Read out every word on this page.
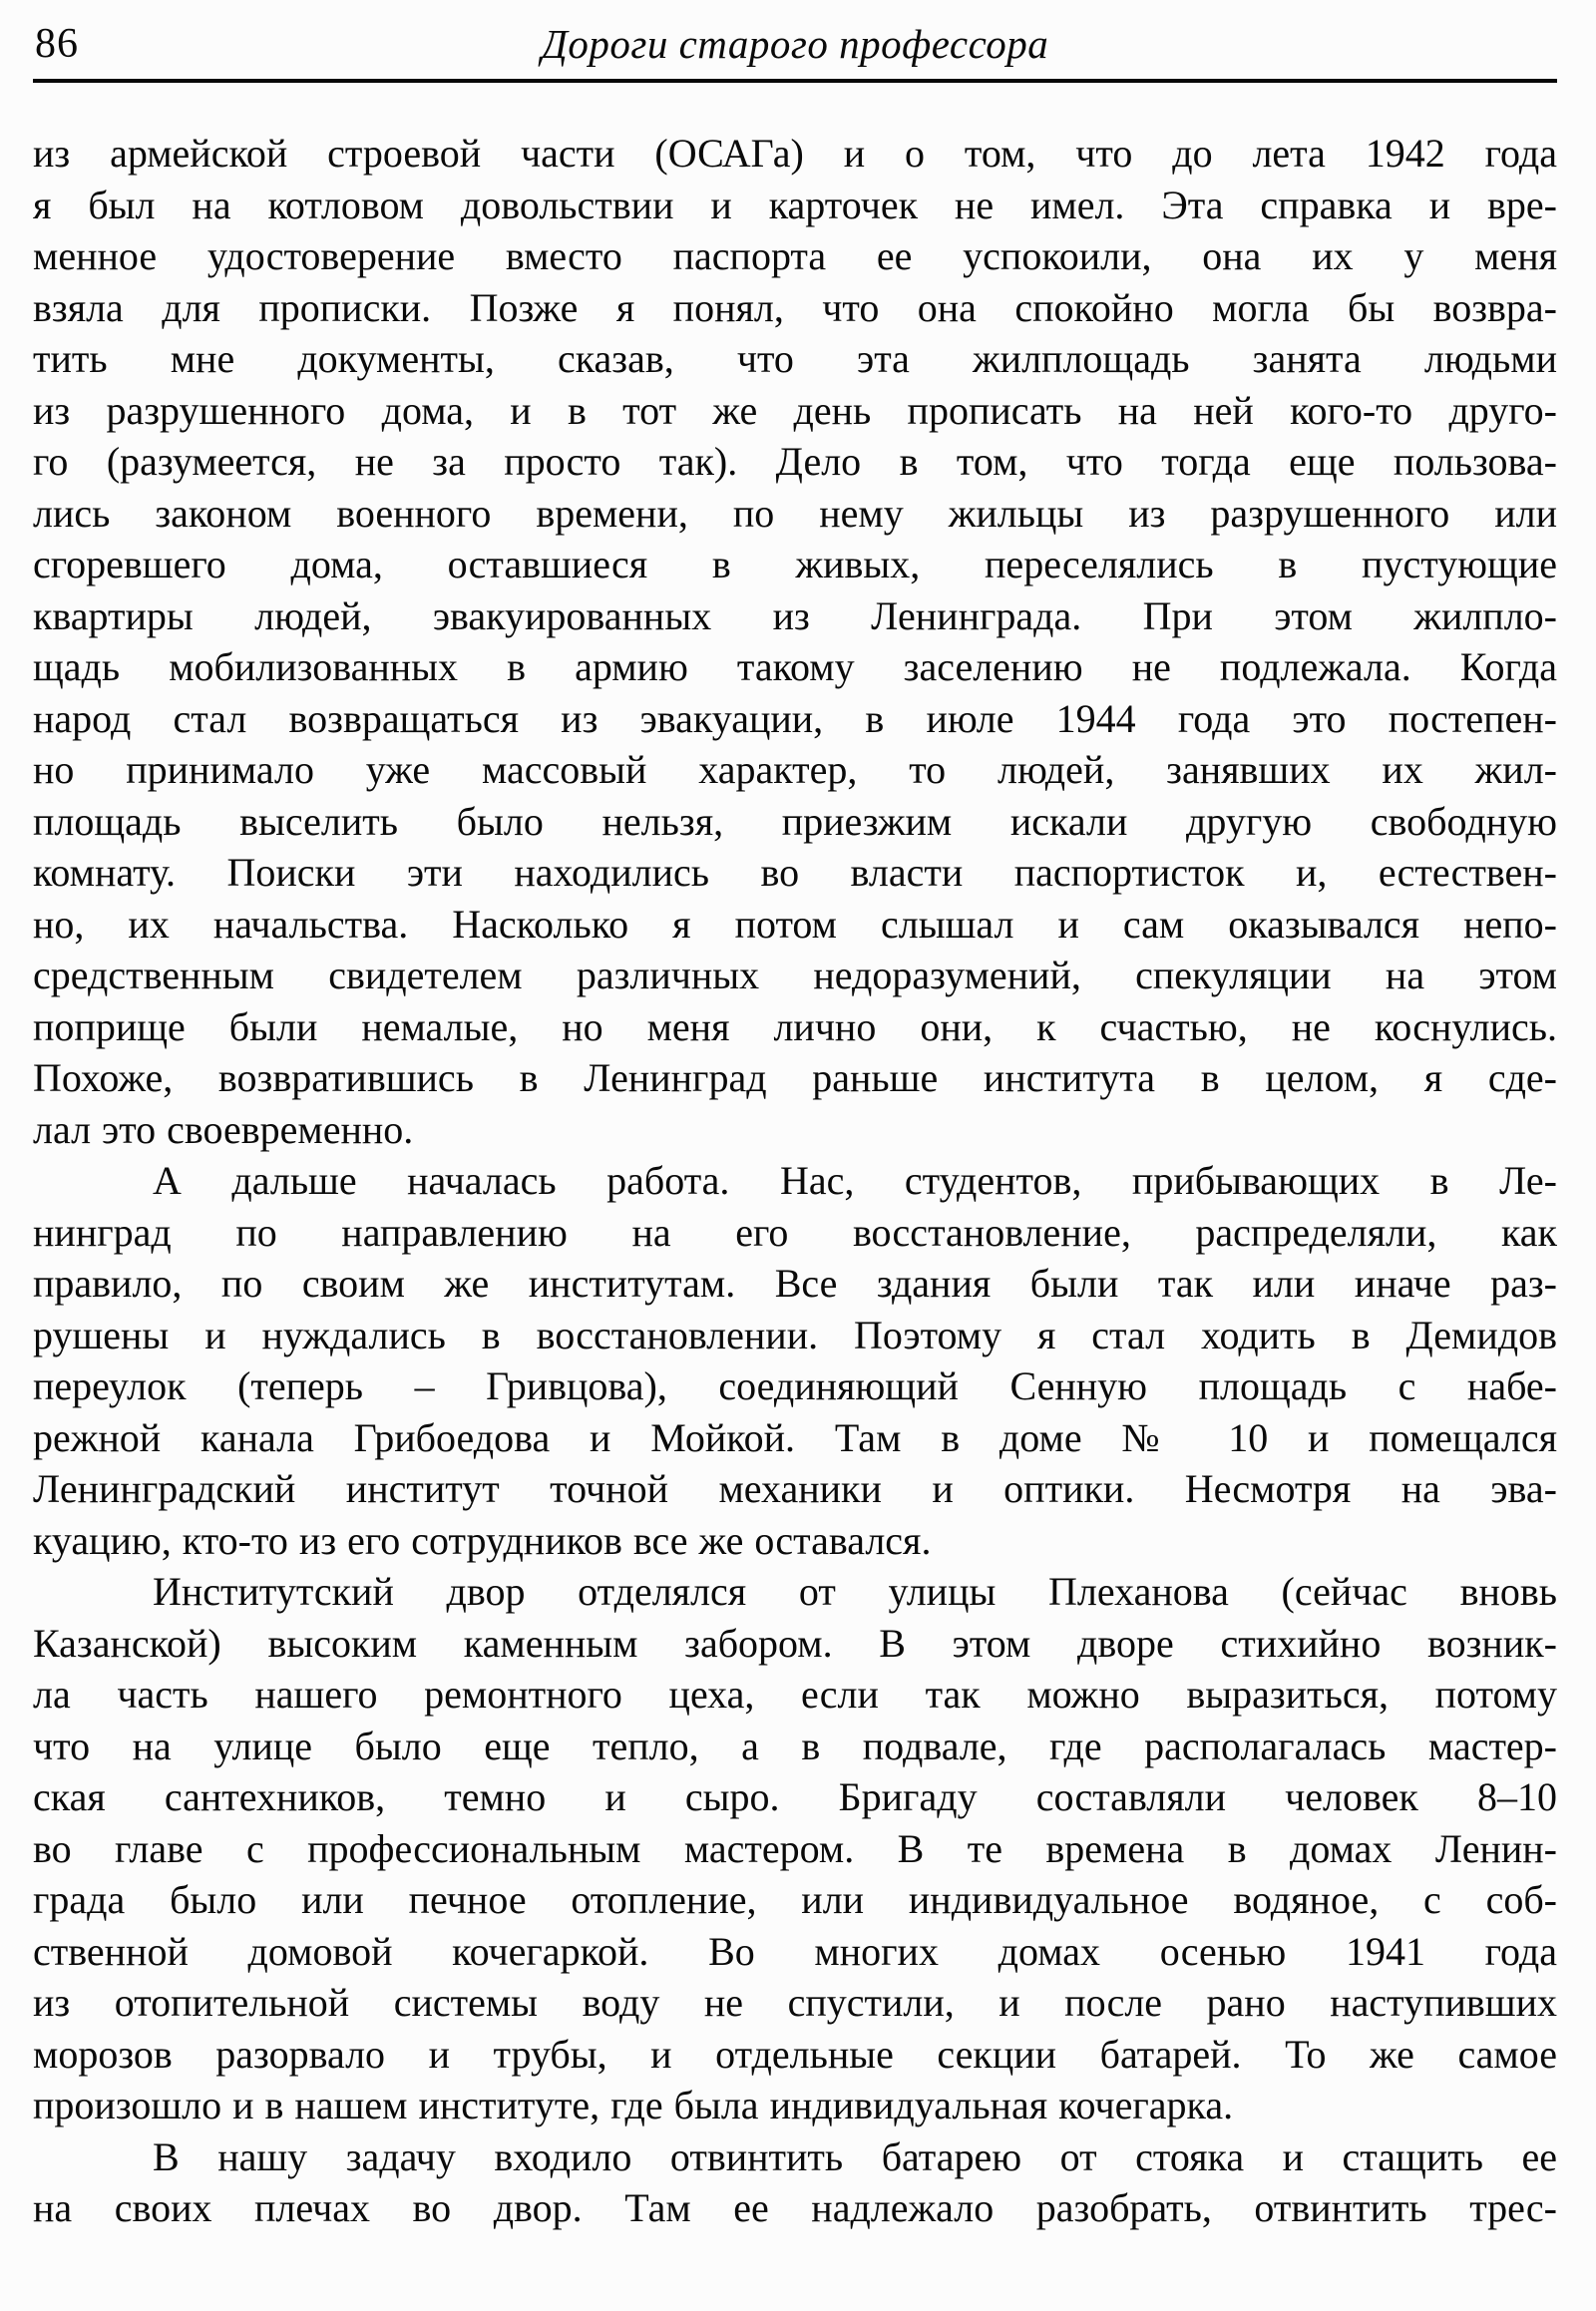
86	Дороги старого профессора
из армейской строевой части (ОСАГа) и о том, что до лета 1942 года
я был на котловом довольствии и карточек не имел. Эта справка и вре-
менное удостоверение вместо паспорта ее успокоили, она их у меня
взяла для прописки. Позже я понял, что она спокойно могла бы возвра-
тить мне документы, сказав, что эта жилплощадь занята людьми
из разрушенного дома, и в тот же день прописать на ней кого-то друго-
го (разумеется, не за просто так). Дело в том, что тогда еще пользова-
лись законом военного времени, по нему жильцы из разрушенного или
сгоревшего дома, оставшиеся в живых, переселялись в пустующие
квартиры людей, эвакуированных из Ленинграда. При этом жилпло-
щадь мобилизованных в армию такому заселению не подлежала. Когда
народ стал возвращаться из эвакуации, в июле 1944 года это постепен-
но принимало уже массовый характер, то людей, занявших их жил-
площадь выселить было нельзя, приезжим искали другую свободную
комнату. Поиски эти находились во власти паспортисток и, естествен-
но, их начальства. Насколько я потом слышал и сам оказывался непо-
средственным свидетелем различных недоразумений, спекуляции на этом
поприще были немалые, но меня лично они, к счастью, не коснулись.
Похоже, возвратившись в Ленинград раньше института в целом, я сде-
лал это своевременно.
А дальше началась работа. Нас, студентов, прибывающих в Ле-
нинград по направлению на его восстановление, распределяли, как
правило, по своим же институтам. Все здания были так или иначе раз-
рушены и нуждались в восстановлении. Поэтому я стал ходить в Демидов
переулок (теперь – Гривцова), соединяющий Сенную площадь с набе-
режной канала Грибоедова и Мойкой. Там в доме № 10 и помещался
Ленинградский институт точной механики и оптики. Несмотря на эва-
куацию, кто-то из его сотрудников все же оставался.
Институтский двор отделялся от улицы Плеханова (сейчас вновь
Казанской) высоким каменным забором. В этом дворе стихийно возник-
ла часть нашего ремонтного цеха, если так можно выразиться, потому
что на улице было еще тепло, а в подвале, где располагалась мастер-
ская сантехников, темно и сыро. Бригаду составляли человек 8–10
во главе с профессиональным мастером. В те времена в домах Ленин-
града было или печное отопление, или индивидуальное водяное, с соб-
ственной домовой кочегаркой. Во многих домах осенью 1941 года
из отопительной системы воду не спустили, и после рано наступивших
морозов разорвало и трубы, и отдельные секции батарей. То же самое
произошло и в нашем институте, где была индивидуальная кочегарка.
В нашу задачу входило отвинтить батарею от стояка и стащить ее
на своих плечах во двор. Там ее надлежало разобрать, отвинтить трес-
